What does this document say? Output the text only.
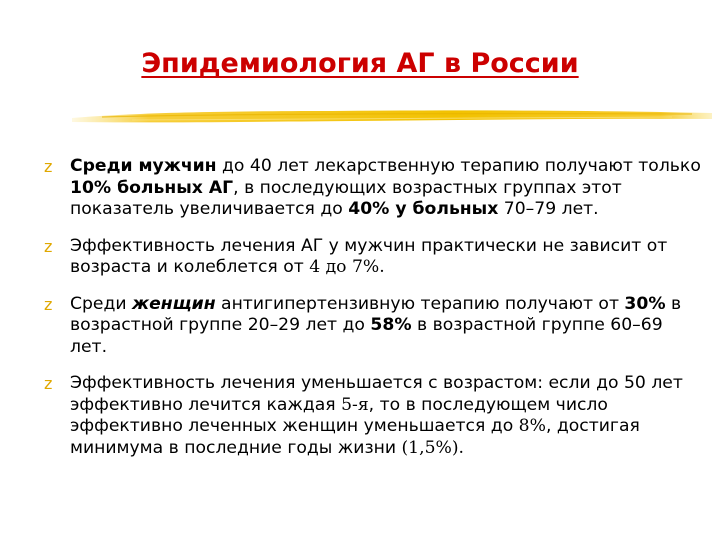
Эпидемиология АГ в России
z Среди мужчин до 40 лет лекарственную терапию получают только 10% больных АГ, в последующих возрастных группах этот показатель увеличивается до 40% у больных 70–79 лет.
z Эффективность лечения АГ у мужчин практически не зависит от возраста и колеблется от 4 до 7%.
z Среди женщин антигипертензивную терапию получают от 30% в возрастной группе 20–29 лет до 58% в возрастной группе 60–69 лет.
z Эффективность лечения уменьшается с возрастом: если до 50 лет эффективно лечится каждая 5-я, то в последующем число эффективно леченных женщин уменьшается до 8%, достигая минимума в последние годы жизни (1,5%).
